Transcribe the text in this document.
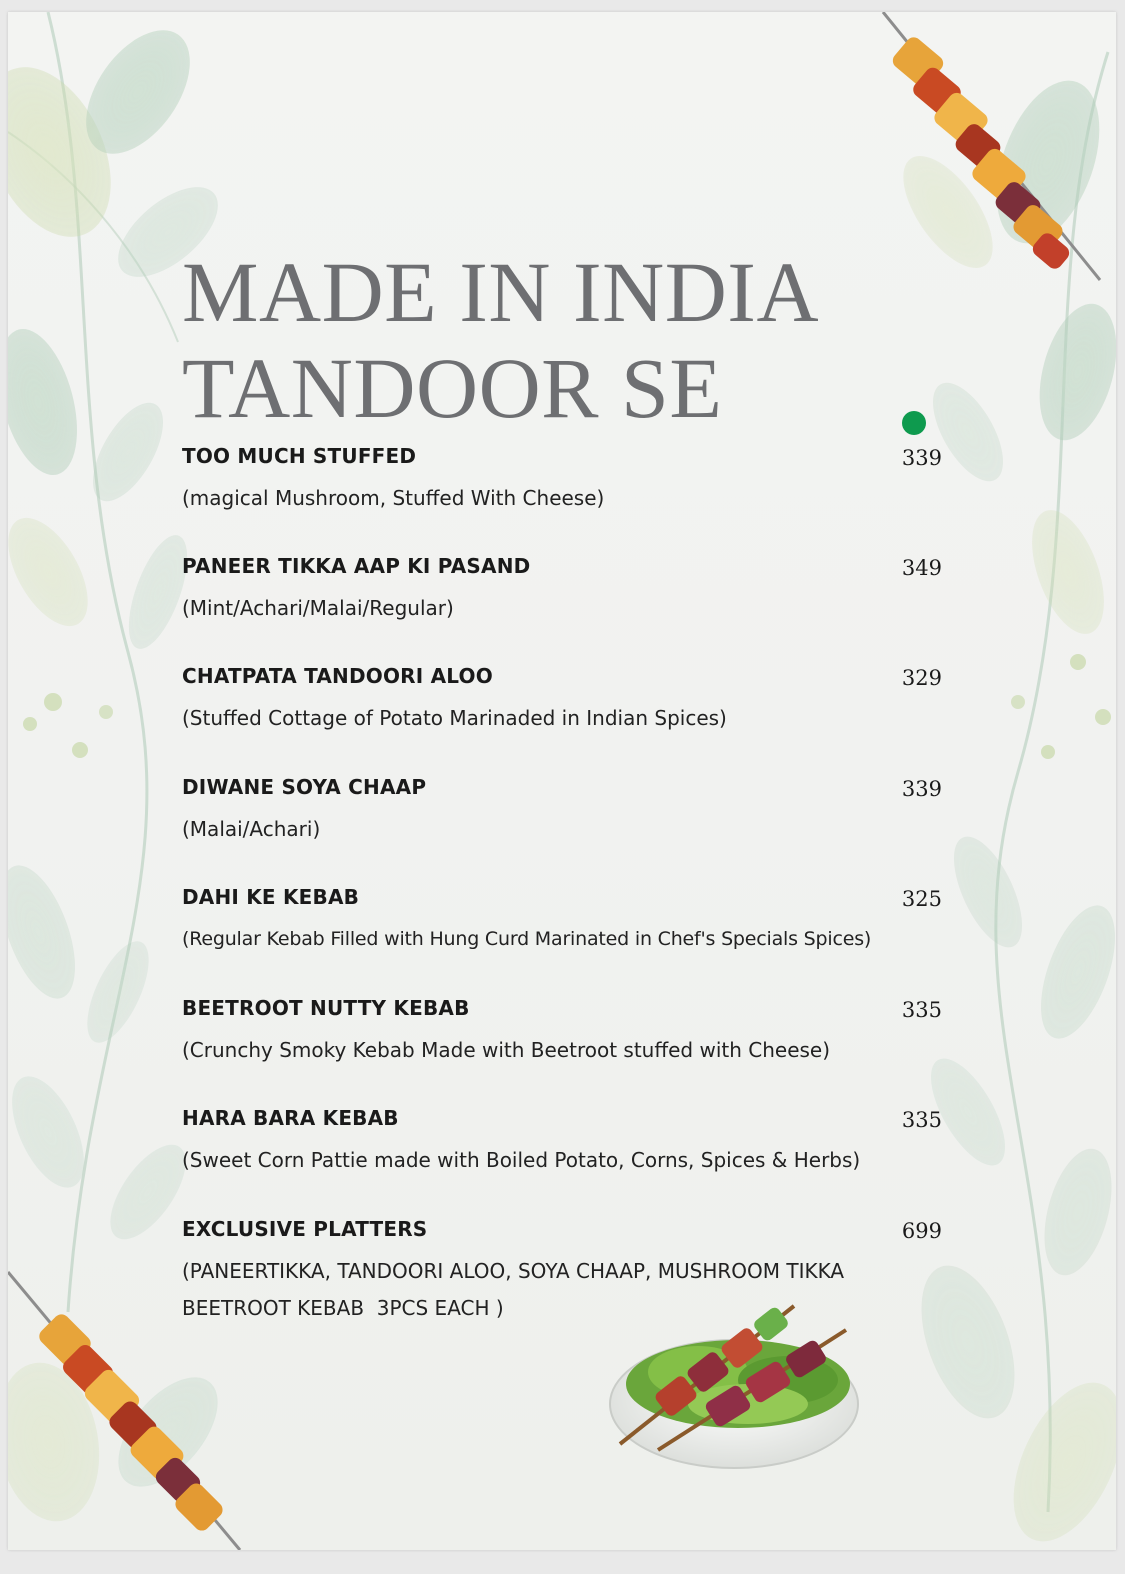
MADE IN INDIA
TANDOOR SE
TOO MUCH STUFFED	339
(magical Mushroom, Stuffed With Cheese)
PANEER TIKKA AAP KI PASAND	349
(Mint/Achari/Malai/Regular)
CHATPATA TANDOORI ALOO	329
(Stuffed Cottage of Potato Marinaded in Indian Spices)
DIWANE SOYA CHAAP	339
(Malai/Achari)
DAHI KE KEBAB	325
(Regular Kebab Filled with Hung Curd Marinated in Chef's Specials Spices)
BEETROOT NUTTY KEBAB	335
(Crunchy Smoky Kebab Made with Beetroot stuffed with Cheese)
HARA BARA KEBAB	335
(Sweet Corn Pattie made with Boiled Potato, Corns, Spices & Herbs)
EXCLUSIVE PLATTERS	699
(PANEERTIKKA, TANDOORI ALOO, SOYA CHAAP, MUSHROOM TIKKA
BEETROOT KEBAB  3PCS EACH )
